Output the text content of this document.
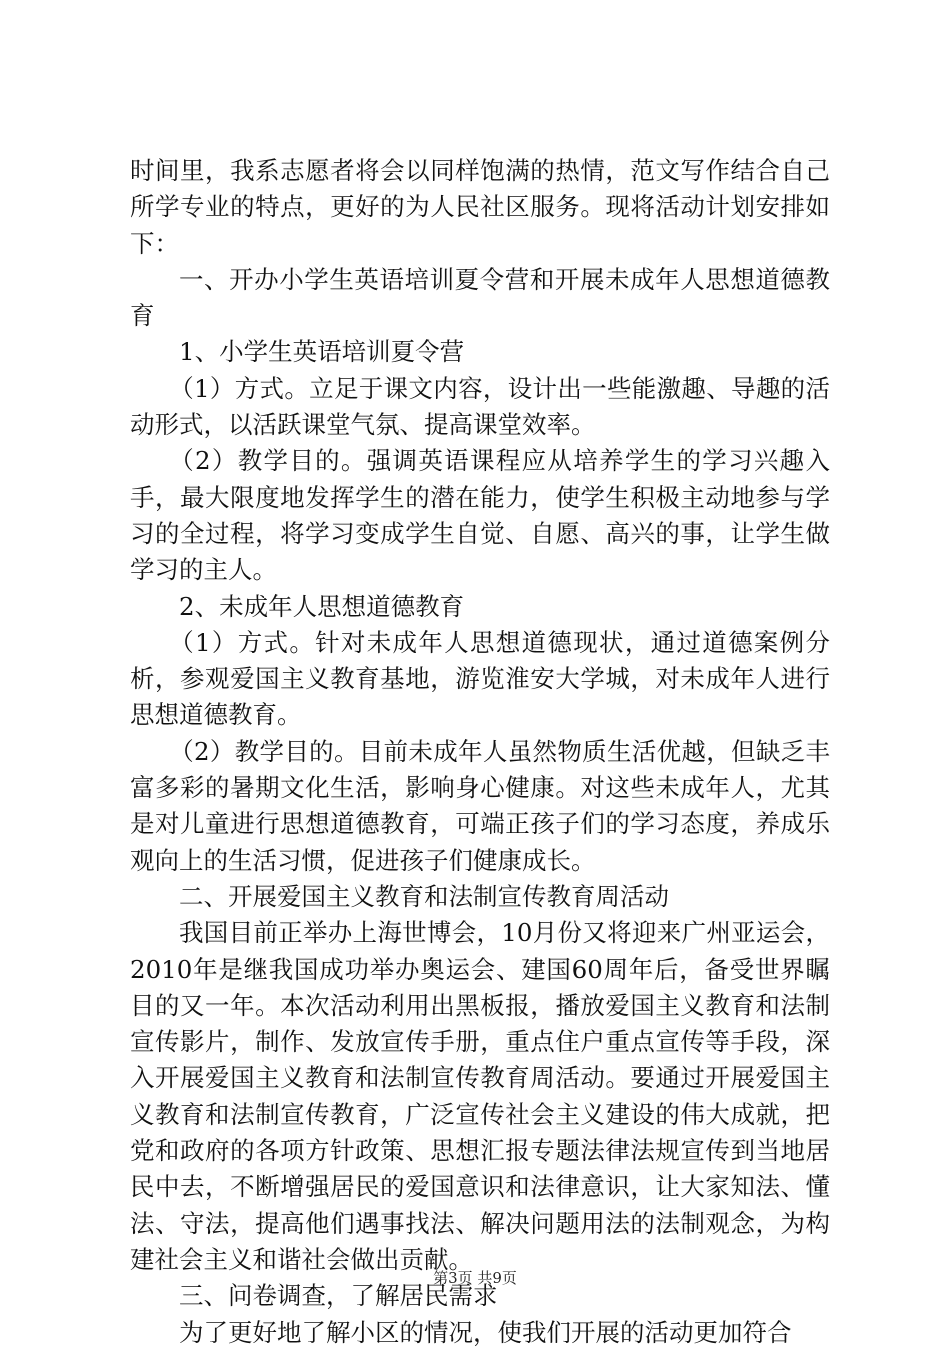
时间里，我系志愿者将会以同样饱满的热情，范文写作结合自己所学专业的特点，更好的为人民社区服务。现将活动计划安排如下：

一、开办小学生英语培训夏令营和开展未成年人思想道德教育

1、小学生英语培训夏令营

（1）方式。立足于课文内容，设计出一些能激趣、导趣的活动形式，以活跃课堂气氛、提高课堂效率。

（2）教学目的。强调英语课程应从培养学生的学习兴趣入手，最大限度地发挥学生的潜在能力，使学生积极主动地参与学习的全过程，将学习变成学生自觉、自愿、高兴的事，让学生做学习的主人。

2、未成年人思想道德教育

（1）方式。针对未成年人思想道德现状，通过道德案例分析，参观爱国主义教育基地，游览淮安大学城，对未成年人进行思想道德教育。

（2）教学目的。目前未成年人虽然物质生活优越，但缺乏丰富多彩的暑期文化生活，影响身心健康。对这些未成年人，尤其是对儿童进行思想道德教育，可端正孩子们的学习态度，养成乐观向上的生活习惯，促进孩子们健康成长。

二、开展爱国主义教育和法制宣传教育周活动

我国目前正举办上海世博会，10月份又将迎来广州亚运会，2010年是继我国成功举办奥运会、建国60周年后，备受世界瞩目的又一年。本次活动利用出黑板报，播放爱国主义教育和法制宣传影片，制作、发放宣传手册，重点住户重点宣传等手段，深入开展爱国主义教育和法制宣传教育周活动。要通过开展爱国主义教育和法制宣传教育，广泛宣传社会主义建设的伟大成就，把党和政府的各项方针政策、思想汇报专题法律法规宣传到当地居民中去，不断增强居民的爱国意识和法律意识，让大家知法、懂法、守法，提高他们遇事找法、解决问题用法的法制观念，为构建社会主义和谐社会做出贡献。

三、问卷调查，了解居民需求

为了更好地了解小区的情况，使我们开展的活动更加符合

第3页 共9页
